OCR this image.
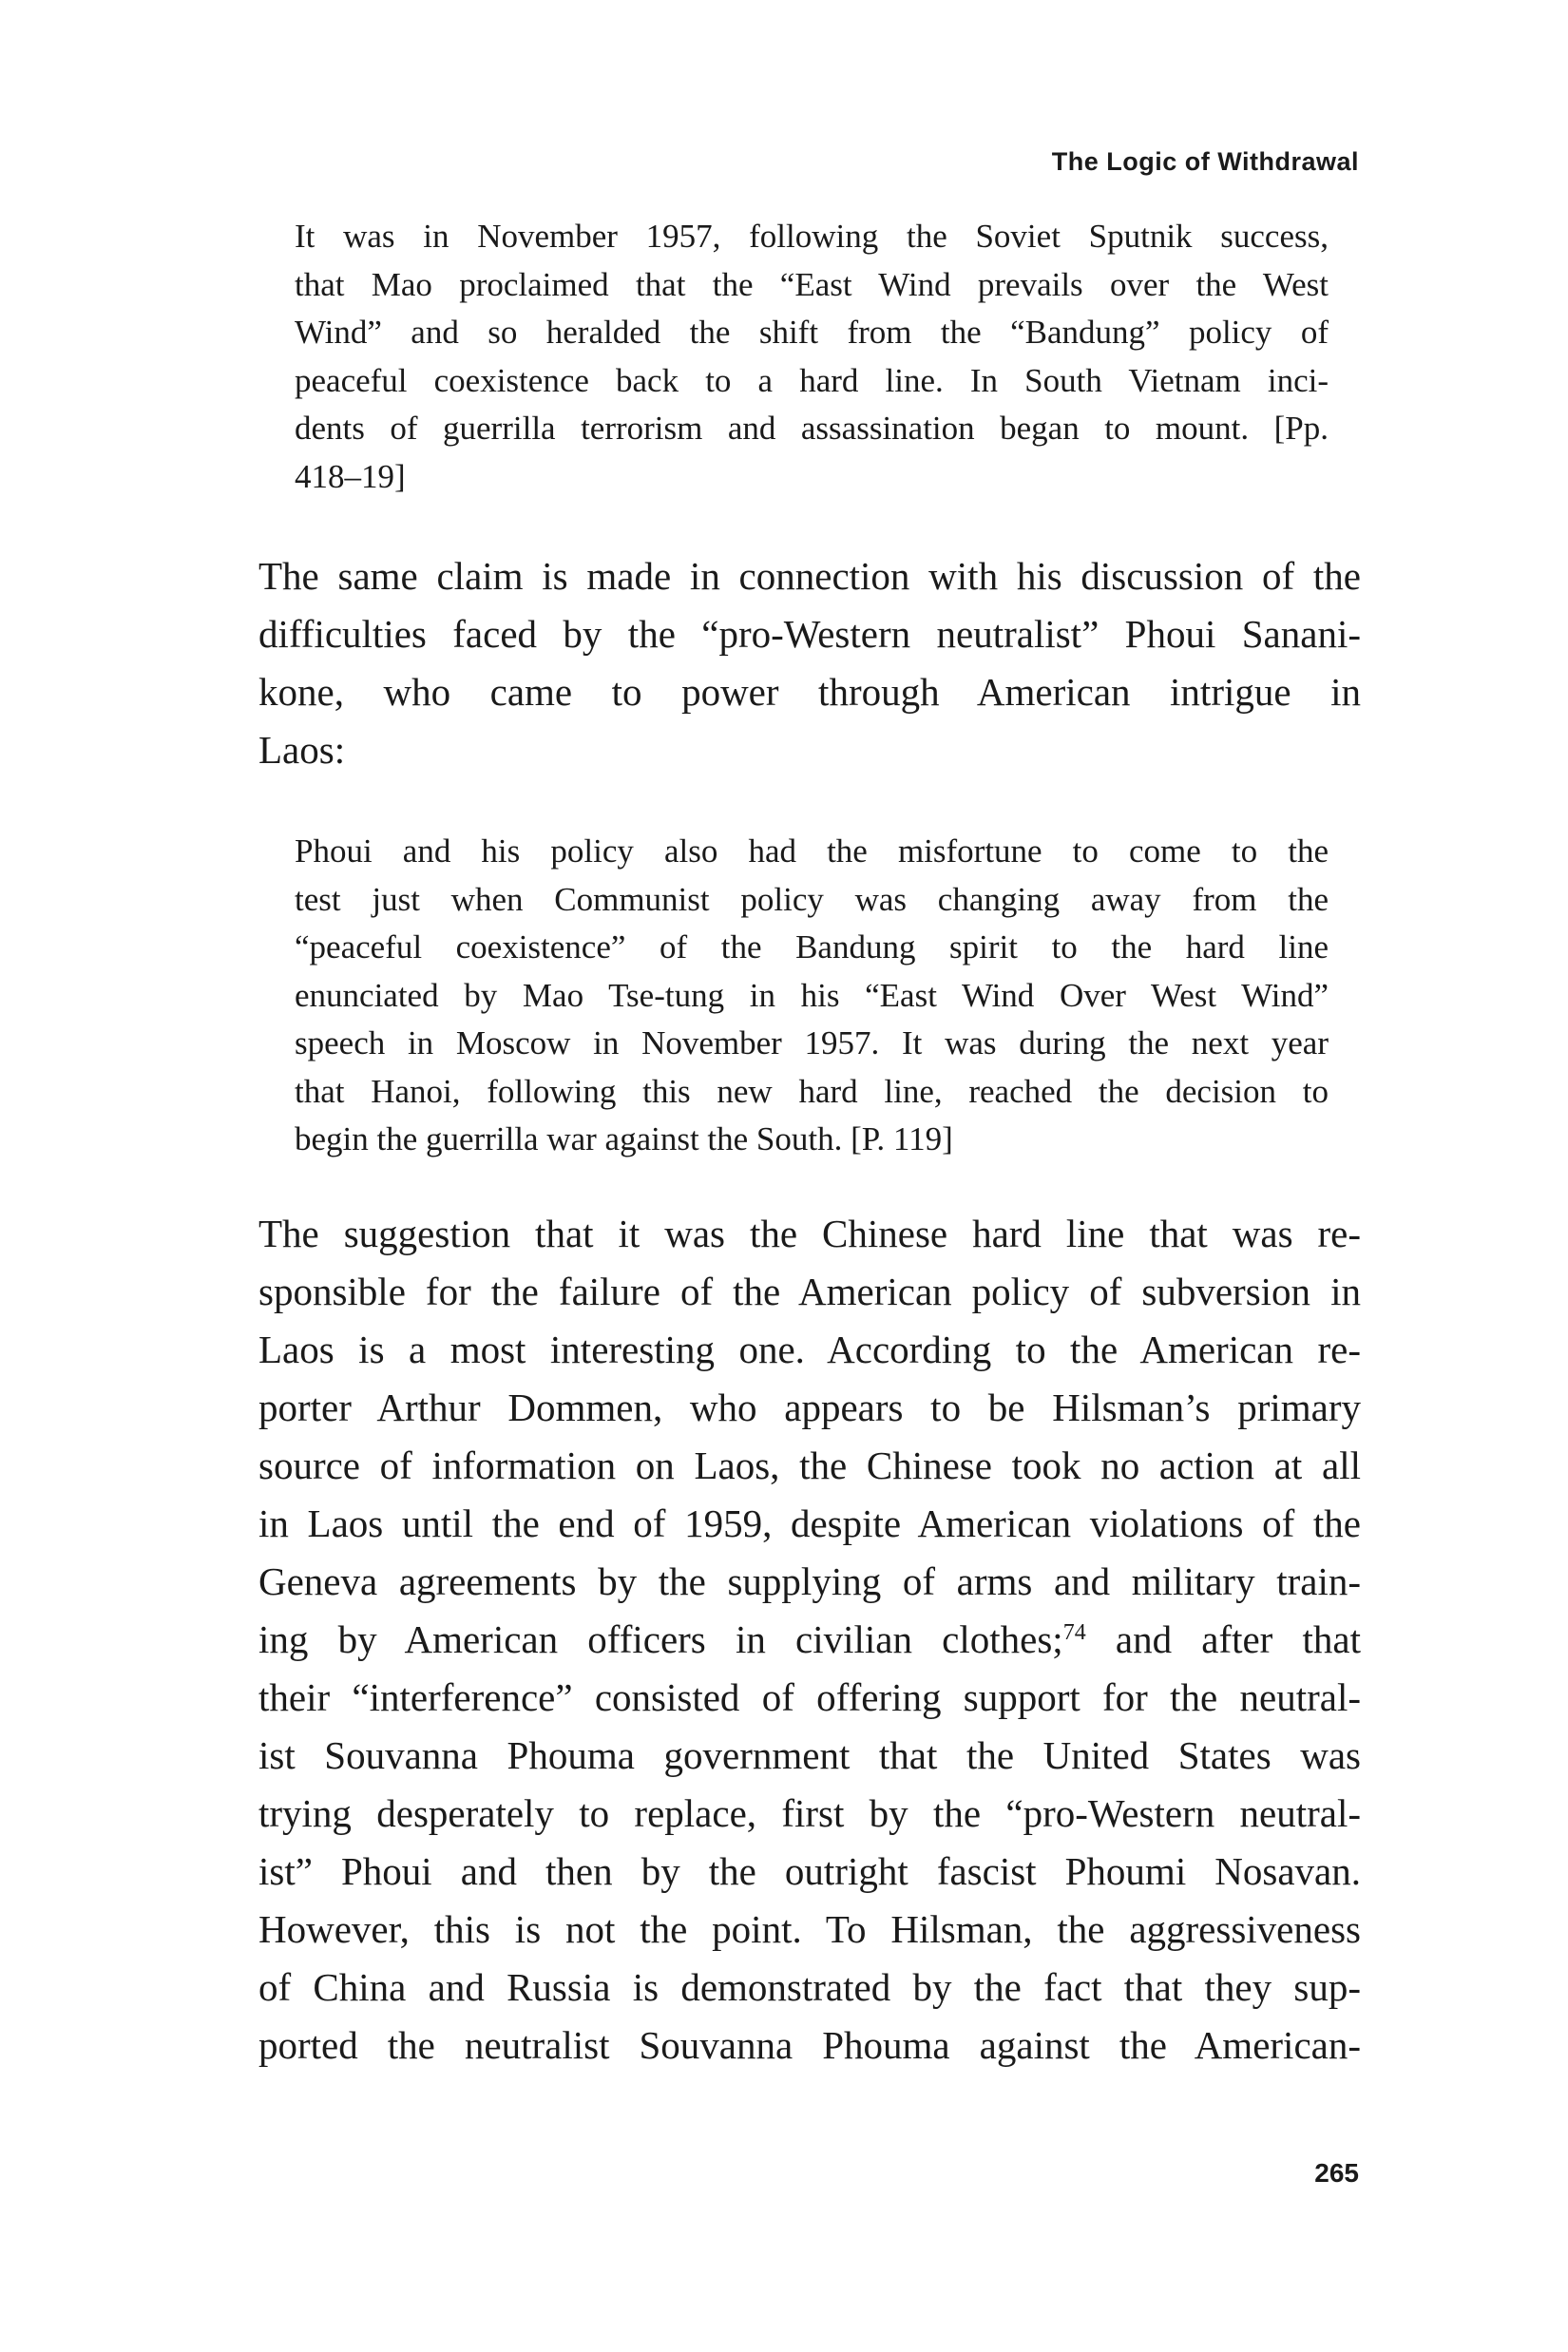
The Logic of Withdrawal
It was in November 1957, following the Soviet Sputnik success,
that Mao proclaimed that the “East Wind prevails over the West
Wind” and so heralded the shift from the “Bandung” policy of
peaceful coexistence back to a hard line. In South Vietnam inci-
dents of guerrilla terrorism and assassination began to mount. [Pp.
418–19]
The same claim is made in connection with his discussion of the
difficulties faced by the “pro-Western neutralist” Phoui Sanani-
kone, who came to power through American intrigue in
Laos:
Phoui and his policy also had the misfortune to come to the
test just when Communist policy was changing away from the
“peaceful coexistence” of the Bandung spirit to the hard line
enunciated by Mao Tse-tung in his “East Wind Over West Wind”
speech in Moscow in November 1957. It was during the next year
that Hanoi, following this new hard line, reached the decision to
begin the guerrilla war against the South. [P. 119]
The suggestion that it was the Chinese hard line that was re-
sponsible for the failure of the American policy of subversion in
Laos is a most interesting one. According to the American re-
porter Arthur Dommen, who appears to be Hilsman’s primary
source of information on Laos, the Chinese took no action at all
in Laos until the end of 1959, despite American violations of the
Geneva agreements by the supplying of arms and military train-
ing by American officers in civilian clothes;$^{74}$ and after that
their “interference” consisted of offering support for the neutral-
ist Souvanna Phouma government that the United States was
trying desperately to replace, first by the “pro-Western neutral-
ist” Phoui and then by the outright fascist Phoumi Nosavan.
However, this is not the point. To Hilsman, the aggressiveness
of China and Russia is demonstrated by the fact that they sup-
ported the neutralist Souvanna Phouma against the American-
265
